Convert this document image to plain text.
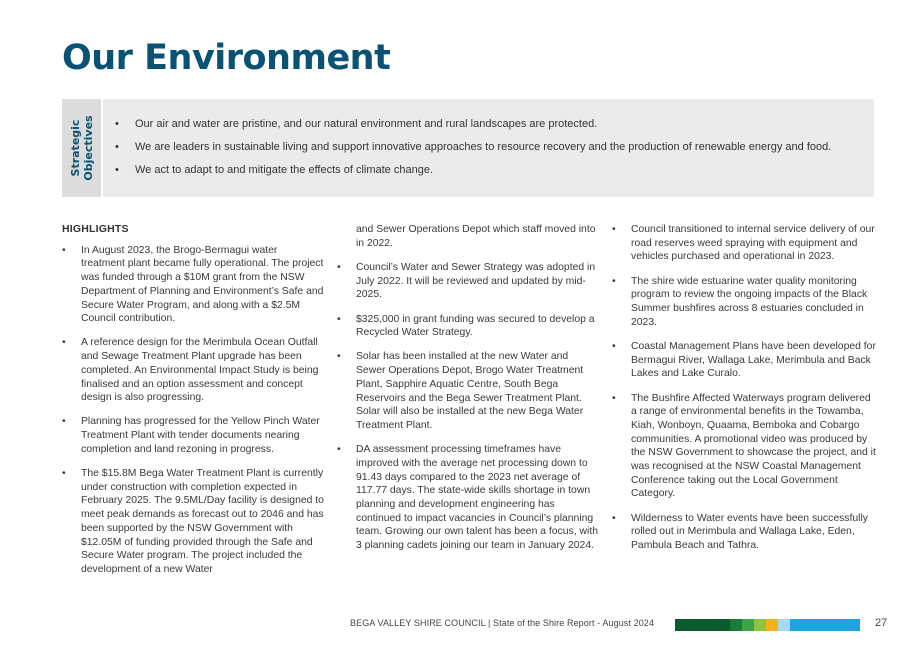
Our Environment
Strategic Objectives
•	Our air and water are pristine, and our natural environment and rural landscapes are protected.
• We are leaders in sustainable living and support innovative approaches to resource recovery and the production of renewable energy and food.
• We act to adapt to and mitigate the effects of climate change.
HIGHLIGHTS
• In August 2023, the Brogo-Bermagui water treatment plant became fully operational. The project was funded through a $10M grant from the NSW Department of Planning and Environment’s Safe and Secure Water Program, and along with a $2.5M Council contribution.
• A reference design for the Merimbula Ocean Outfall and Sewage Treatment Plant upgrade has been completed. An Environmental Impact Study is being finalised and an option assessment and concept design is also progressing.
• Planning has progressed for the Yellow Pinch Water Treatment Plant with tender documents nearing completion and land rezoning in progress.
• The $15.8M Bega Water Treatment Plant is currently under construction with completion expected in February 2025. The 9.5ML/Day facility is designed to meet peak demands as forecast out to 2046 and has been supported by the NSW Government with $12.05M of funding provided through the Safe and Secure Water program. The project included the development of a new Water
and Sewer Operations Depot which staff moved into in 2022.
• Council’s Water and Sewer Strategy was adopted in July 2022. It will be reviewed and updated by mid-2025.
• $325,000 in grant funding was secured to develop a Recycled Water Strategy.
• Solar has been installed at the new Water and Sewer Operations Depot, Brogo Water Treatment Plant, Sapphire Aquatic Centre, South Bega Reservoirs and the Bega Sewer Treatment Plant. Solar will also be installed at the new Bega Water Treatment Plant.
• DA assessment processing timeframes have improved with the average net processing down to 91.43 days compared to the 2023 net average of 117.77 days. The state-wide skills shortage in town planning and development engineering has continued to impact vacancies in Council’s planning team. Growing our own talent has been a focus, with 3 planning cadets joining our team in January 2024.
• Council transitioned to internal service delivery of our road reserves weed spraying with equipment and vehicles purchased and operational in 2023.
• The shire wide estuarine water quality monitoring program to review the ongoing impacts of the Black Summer bushfires across 8 estuaries concluded in 2023.
• Coastal Management Plans have been developed for Bermagui River, Wallaga Lake, Merimbula and Back Lakes and Lake Curalo.
• The Bushfire Affected Waterways program delivered a range of environmental benefits in the Towamba, Kiah, Wonboyn, Quaama, Bemboka and Cobargo communities. A promotional video was produced by the NSW Government to showcase the project, and it was recognised at the NSW Coastal Management Conference taking out the Local Government Category.
• Wilderness to Water events have been successfully rolled out in Merimbula and Wallaga Lake, Eden, Pambula Beach and Tathra.
BEGA VALLEY SHIRE COUNCIL | State of the Shire Report - August 2024	27
